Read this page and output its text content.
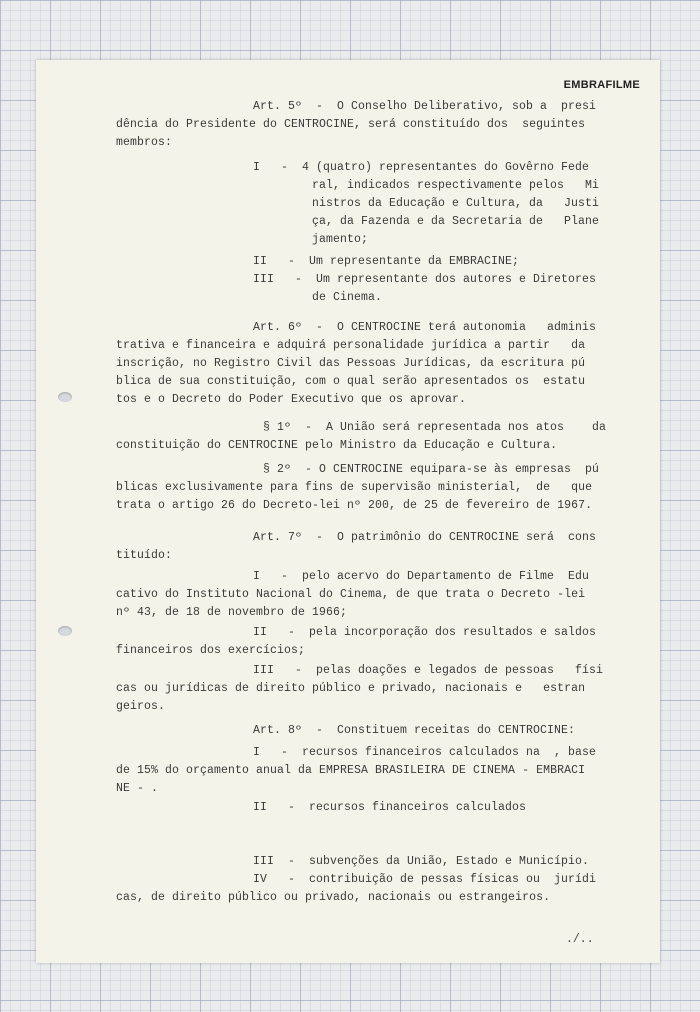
EMBRAFILME
Art. 5º  -  O Conselho Deliberativo, sob a  presi
dência do Presidente do CENTROCINE, será constituído dos  seguintes
membros:
I   -  4 (quatro) representantes do Govêrno Fede
ral, indicados respectivamente pelos   Mi
nistros da Educação e Cultura, da   Justi
ça, da Fazenda e da Secretaria de   Plane
jamento;
II   -  Um representante da EMBRACINE;
III   -  Um representante dos autores e Diretores
de Cinema.
Art. 6º  -  O CENTROCINE terá autonomia   adminis
trativa e financeira e adquirá personalidade jurídica a partir   da
inscrição, no Registro Civil das Pessoas Jurídicas, da escritura pú
blica de sua constituição, com o qual serão apresentados os  estatu
tos e o Decreto do Poder Executivo que os aprovar.
§ 1º  -  A União será representada nos atos    da
constituição do CENTROCINE pelo Ministro da Educação e Cultura.
§ 2º  - O CENTROCINE equipara-se às empresas  pú
blicas exclusivamente para fins de supervisão ministerial,  de   que
trata o artigo 26 do Decreto-lei nº 200, de 25 de fevereiro de 1967.
Art. 7º  -  O patrimônio do CENTROCINE será  cons
tituído:
I   -  pelo acervo do Departamento de Filme  Edu
cativo do Instituto Nacional do Cinema, de que trata o Decreto -lei
nº 43, de 18 de novembro de 1966;
II   -  pela incorporação dos resultados e saldos
financeiros dos exercícios;
III   -  pelas doações e legados de pessoas   físi
cas ou jurídicas de direito público e privado, nacionais e   estran
geiros.
Art. 8º  -  Constituem receitas do CENTROCINE:
I   -  recursos financeiros calculados na  , base
de 15% do orçamento anual da EMPRESA BRASILEIRA DE CINEMA - EMBRACI
NE - .
II   -  recursos financeiros calculados
III  -  subvenções da União, Estado e Município.
IV   -  contribuição de pessas físicas ou  jurídi
cas, de direito público ou privado, nacionais ou estrangeiros.
./..
